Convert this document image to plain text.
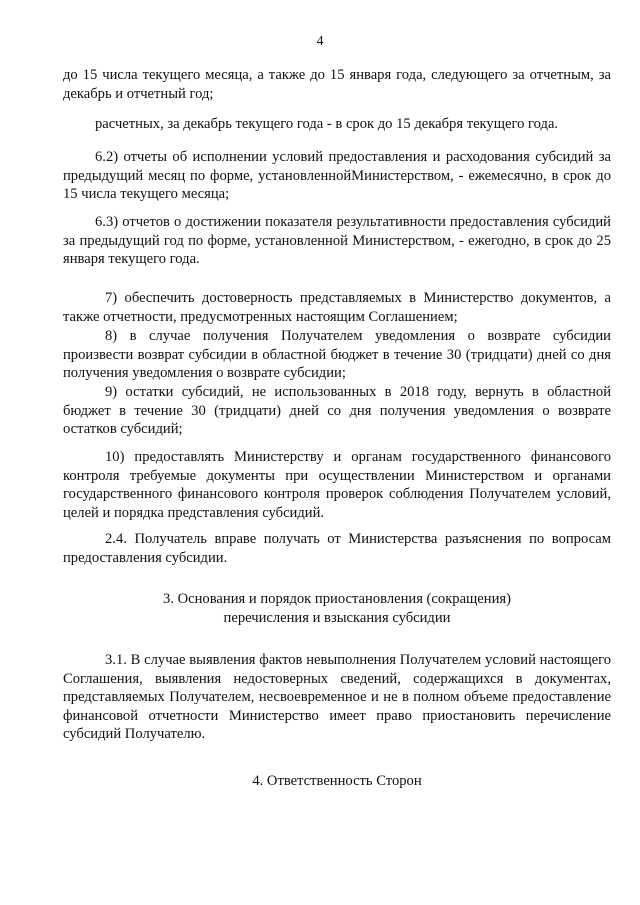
4
до 15 числа текущего месяца, а также до 15 января года, следующего за отчетным, за декабрь и отчетный год;
расчетных, за декабрь текущего года - в срок до 15 декабря текущего года.
6.2) отчеты об исполнении условий предоставления и расходования субсидий за предыдущий месяц по форме, установленнойМинистерством, - ежемесячно, в срок до 15 числа текущего месяца;
6.3) отчетов о достижении показателя результативности предоставления субсидий за предыдущий год по форме, установленной Министерством, - ежегодно, в срок до 25 января текущего года.
7) обеспечить достоверность представляемых в Министерство документов, а также отчетности, предусмотренных настоящим Соглашением;
8) в случае получения Получателем уведомления о возврате субсидии произвести возврат субсидии в областной бюджет в течение 30 (тридцати) дней со дня получения уведомления о возврате субсидии;
9) остатки субсидий, не использованных в 2018 году, вернуть в областной бюджет в течение 30 (тридцати) дней со дня получения уведомления о возврате остатков субсидий;
10) предоставлять Министерству и органам государственного финансового контроля требуемые документы при осуществлении Министерством и органами государственного финансового контроля проверок соблюдения Получателем условий, целей и порядка представления субсидий.
2.4. Получатель вправе получать от Министерства разъяснения по вопросам предоставления субсидии.
3. Основания и порядок приостановления (сокращения)
перечисления и взыскания субсидии
3.1. В случае выявления фактов невыполнения Получателем условий настоящего Соглашения, выявления недостоверных сведений, содержащихся в документах, представляемых Получателем, несвоевременное и не в полном объеме предоставление финансовой отчетности Министерство имеет право приостановить перечисление субсидий Получателю.
4. Ответственность Сторон
